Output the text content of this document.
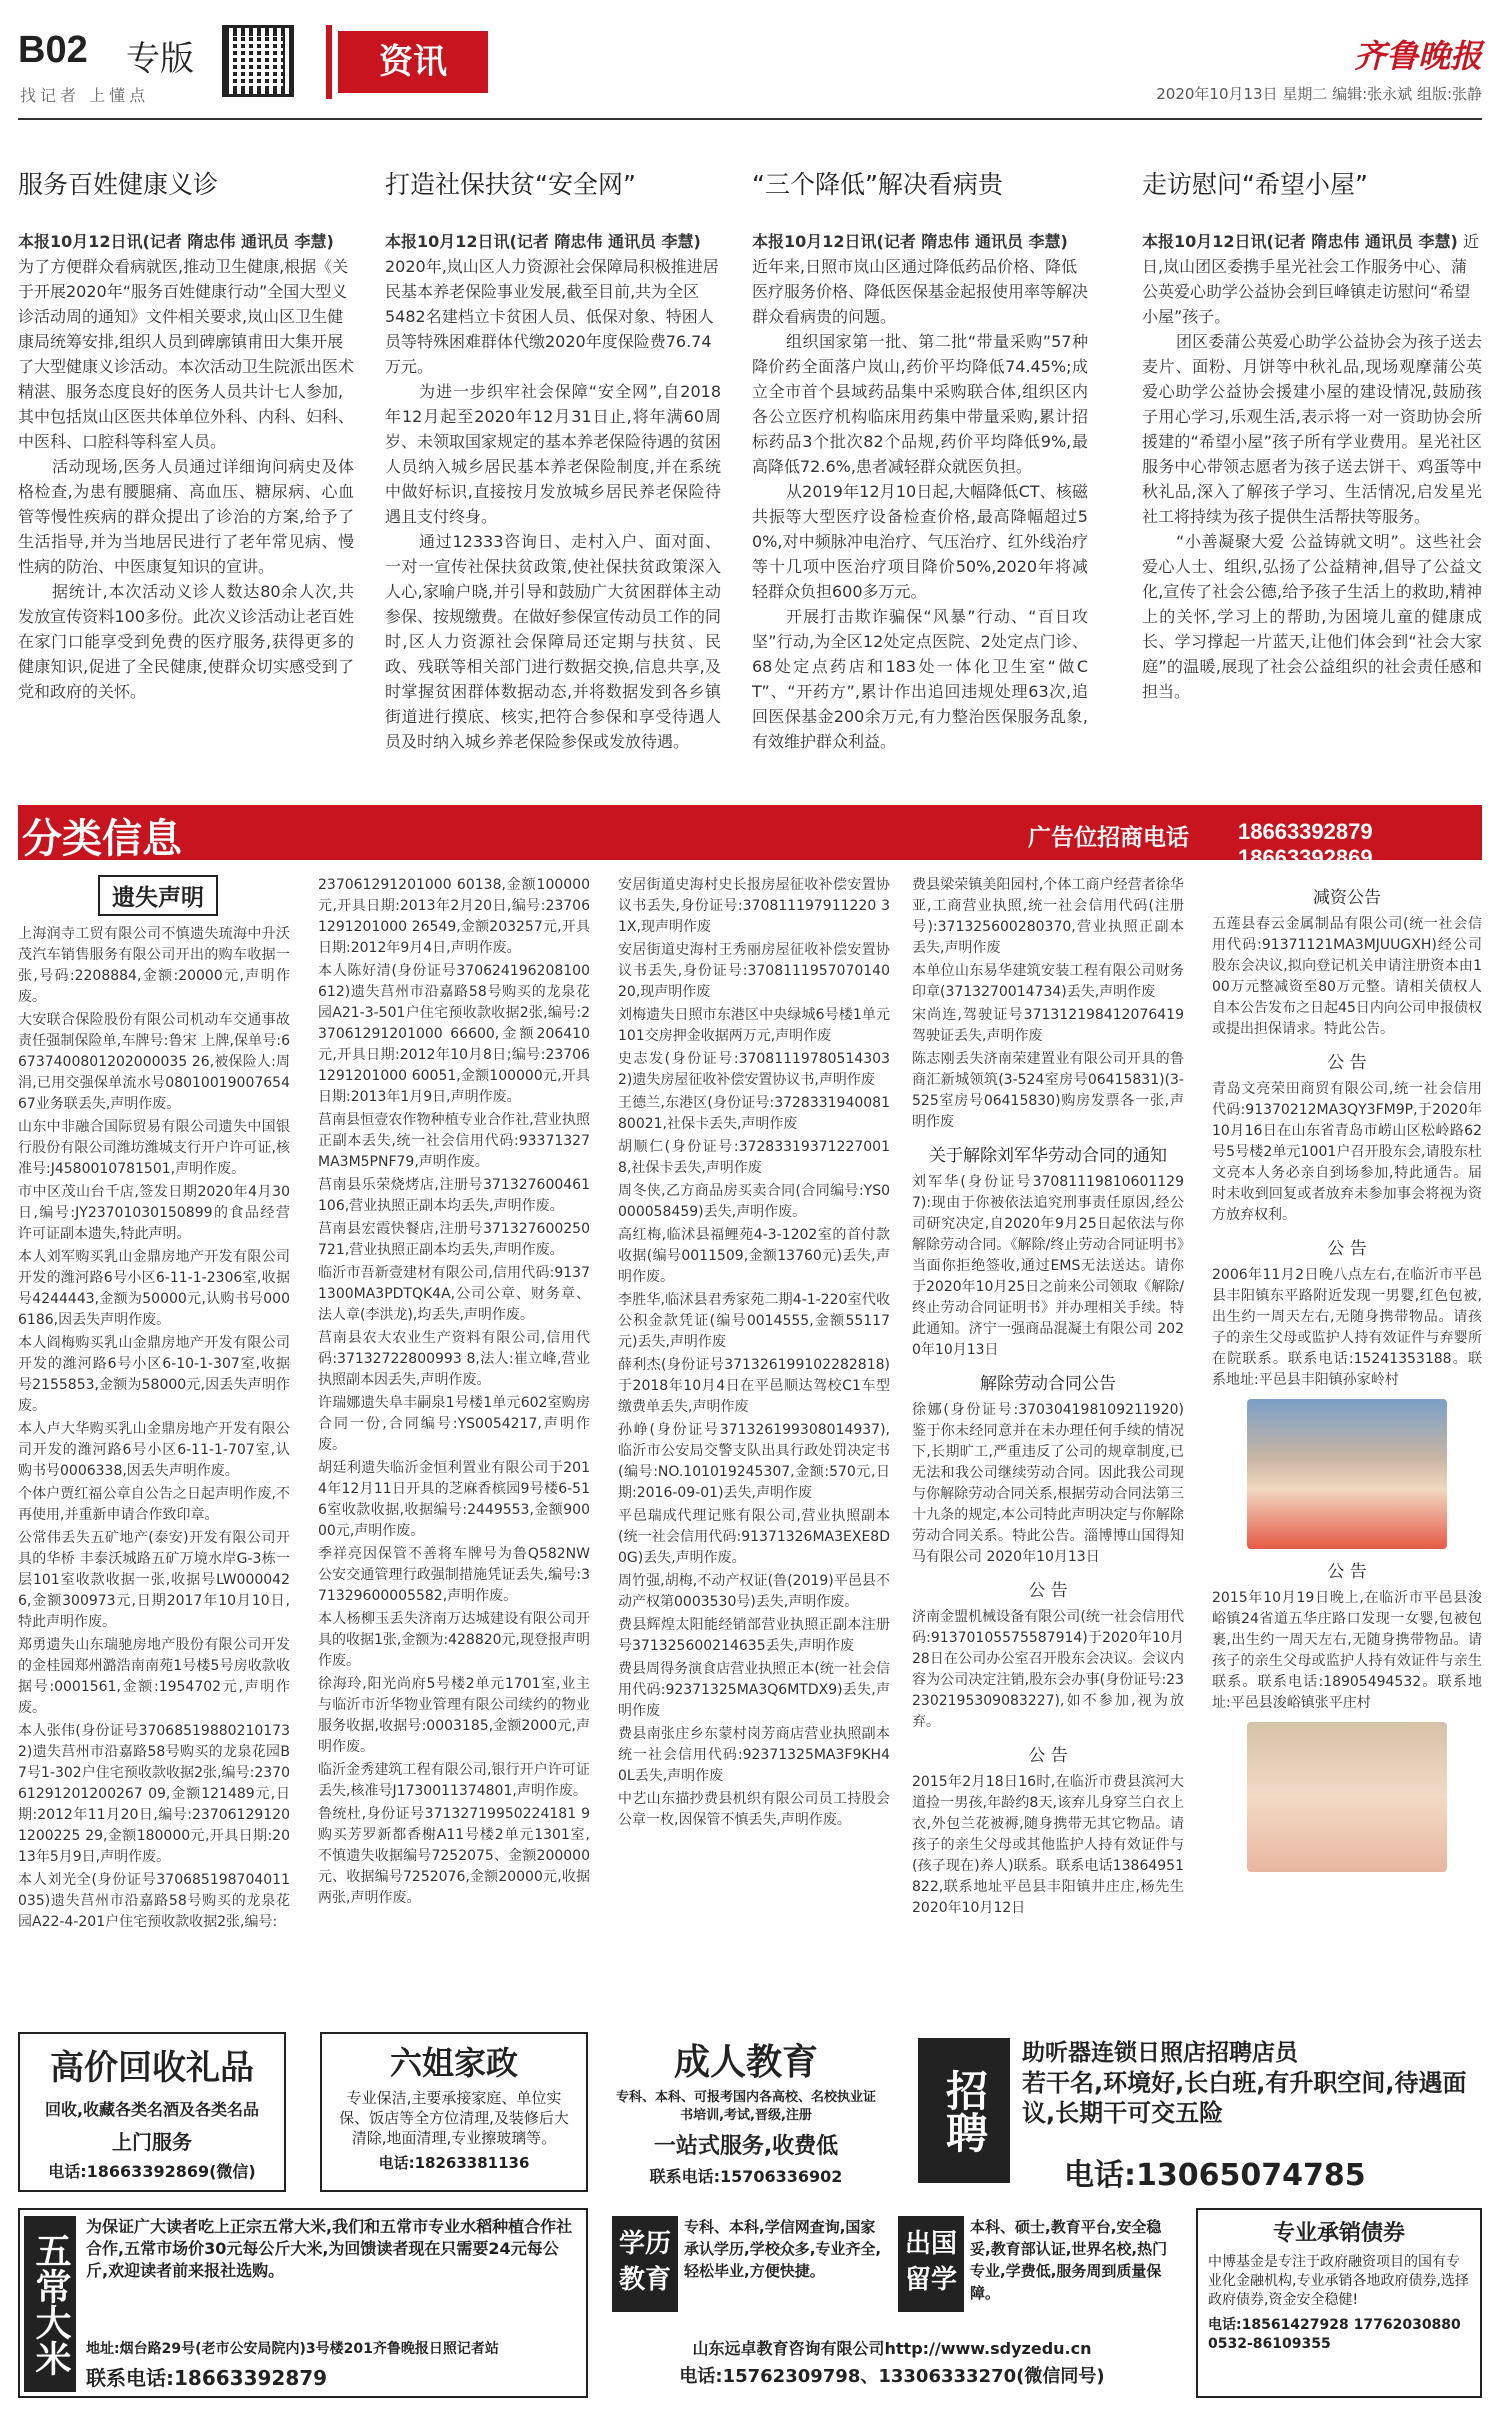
B02 专版
找记者 上懂点
资讯	齐鲁晚报
2020年10月13日 星期二 编辑:张永斌 组版:张静
服务百姓健康义诊
本报10月12日讯(记者 隋忠伟 通讯员 李慧) 为了方便群众看病就医,推动卫生健康,根据《关于开展2020年“服务百姓健康行动”全国大型义诊活动周的通知》文件相关要求,岚山区卫生健康局统筹安排,组织人员到碑廓镇甫田大集开展了大型健康义诊活动。本次活动卫生院派出医术精湛、服务态度良好的医务人员共计七人参加,其中包括岚山区医共体单位外科、内科、妇科、中医科、口腔科等科室人员。

活动现场,医务人员通过详细询问病史及体格检查,为患有腰腿痛、高血压、糖尿病、心血管等慢性疾病的群众提出了诊治的方案,给予了生活指导,并为当地居民进行了老年常见病、慢性病的防治、中医康复知识的宣讲。

据统计,本次活动义诊人数达80余人次,共发放宣传资料100多份。此次义诊活动让老百姓在家门口能享受到免费的医疗服务,获得更多的健康知识,促进了全民健康,使群众切实感受到了党和政府的关怀。

打造社保扶贫“安全网”
本报10月12日讯(记者 隋忠伟 通讯员 李慧) 2020年,岚山区人力资源社会保障局积极推进居民基本养老保险事业发展,截至目前,共为全区5482名建档立卡贫困人员、低保对象、特困人员等特殊困难群体代缴2020年度保险费76.74万元。

为进一步织牢社会保障“安全网”,自2018年12月起至2020年12月31日止,将年满60周岁、未领取国家规定的基本养老保险待遇的贫困人员纳入城乡居民基本养老保险制度,并在系统中做好标识,直接按月发放城乡居民养老保险待遇且支付终身。

通过12333咨询日、走村入户、面对面、一对一宣传社保扶贫政策,使社保扶贫政策深入人心,家喻户晓,并引导和鼓励广大贫困群体主动参保、按规缴费。在做好参保宣传动员工作的同时,区人力资源社会保障局还定期与扶贫、民政、残联等相关部门进行数据交换,信息共享,及时掌握贫困群体数据动态,并将数据发到各乡镇街道进行摸底、核实,把符合参保和享受待遇人员及时纳入城乡养老保险参保或发放待遇。

“三个降低”解决看病贵
本报10月12日讯(记者 隋忠伟 通讯员 李慧) 近年来,日照市岚山区通过降低药品价格、降低医疗服务价格、降低医保基金起报使用率等解决群众看病贵的问题。

组织国家第一批、第二批“带量采购”57种降价药全面落户岚山,药价平均降低74.45%;成立全市首个县域药品集中采购联合体,组织区内各公立医疗机构临床用药集中带量采购,累计招标药品3个批次82个品规,药价平均降低9%,最高降低72.6%,患者减轻群众就医负担。

从2019年12月10日起,大幅降低CT、核磁共振等大型医疗设备检查价格,最高降幅超过50%,对中频脉冲电治疗、气压治疗、红外线治疗等十几项中医治疗项目降价50%,2020年将减轻群众负担600多万元。

开展打击欺诈骗保“风暴”行动、“百日攻坚”行动,为全区12处定点医院、2处定点门诊、68处定点药店和183处一体化卫生室“做CT”、“开药方”,累计作出追回违规处理63次,追回医保基金200余万元,有力整治医保服务乱象,有效维护群众利益。

走访慰问“希望小屋”
本报10月12日讯(记者 隋忠伟 通讯员 李慧) 近日,岚山团区委携手星光社会工作服务中心、蒲公英爱心助学公益协会到巨峰镇走访慰问“希望小屋”孩子。

团区委蒲公英爱心助学公益协会为孩子送去麦片、面粉、月饼等中秋礼品,现场观摩蒲公英爱心助学公益协会援建小屋的建设情况,鼓励孩子用心学习,乐观生活,表示将一对一资助协会所援建的“希望小屋”孩子所有学业费用。星光社区服务中心带领志愿者为孩子送去饼干、鸡蛋等中秋礼品,深入了解孩子学习、生活情况,启发星光社工将持续为孩子提供生活帮扶等服务。

“小善凝聚大爱 公益铸就文明”。这些社会爱心人士、组织,弘扬了公益精神,倡导了公益文化,宣传了社会公德,给予孩子生活上的救助,精神上的关怀,学习上的帮助,为困境儿童的健康成长、学习撑起一片蓝天,让他们体会到“社会大家庭”的温暖,展现了社会公益组织的社会责任感和担当。

分类信息	广告位招商电话 18663392879 18663392869
遗失声明

上海润寺工贸有限公司不慎遗失琉海中升沃茂汽车销售服务有限公司开出的购车收据一张,号码:2208884,金额:20000元,声明作废。

大安联合保险股份有限公司机动车交通事故责任强制保险单,车牌号:鲁宋 上牌,保单号:66737400801202000035 26,被保险人:周涓,已用交强保单流水号0801001900765467业务联丢失,声明作废。

山东中非融合国际贸易有限公司遗失中国银行股份有限公司潍坊潍城支行开户许可证,核准号:J4580010781501,声明作废。

市中区茂山台千店,签发日期2020年4月30日,编号:JY23701030150899的食品经营许可证副本遗失,特此声明。

本人刘军购买乳山金鼎房地产开发有限公司开发的潍河路6号小区6-11-1-2306室,收据号4244443,金额为50000元,认购书号0006186,因丢失声明作废。

本人阎梅购买乳山金鼎房地产开发有限公司开发的潍河路6号小区6-10-1-307室,收据号2155853,金额为58000元,因丢失声明作废。

本人卢大华购买乳山金鼎房地产开发有限公司开发的潍河路6号小区6-11-1-707室,认购书号0006338,因丢失声明作废。

个体户贾红福公章自公告之日起声明作废,不再使用,并重新申请合作致印章。

公常伟丢失五矿地产(泰安)开发有限公司开具的华桥 丰泰沃城路五矿万境水岸G-3栋一层101室收款收据一张,收据号LW0000426,金额300973元,日期2017年10月10日,特此声明作废。

郑勇遗失山东瑞驰房地产股份有限公司开发的金桂园郑州潞浩南南苑1号楼5号房收款收据号:0001561,金额:1954702元,声明作废。

本人张伟(身份证号370685198802101732)遗失莒州市沿嘉路58号购买的龙泉花园B7号1-302户住宅预收款收据2张,编号:237061291201200267 09,金额121489元,日期:2012年11月20日,编号:237061291201200225 29,金额180000元,开具日期:2013年5月9日,声明作废。

本人刘光全(身份证号370685198704011035)遗失莒州市沿嘉路58号购买的龙泉花园A22-4-201户住宅预收款收据2张,编号:

237061291201000 60138,金额100000元,开具日期:2013年2月20日,编号:237061291201000 26549,金额203257元,开具日期:2012年9月4日,声明作废。

本人陈好清(身份证号370624196208100612)遗失莒州市沿嘉路58号购买的龙泉花园A21-3-501户住宅预收款收据2张,编号:237061291201000 66600,金额206410元,开具日期:2012年10月8日;编号:237061291201000 60051,金额100000元,开具日期:2013年1月9日,声明作废。

莒南县恒壹农作物种植专业合作社,营业执照正副本丢失,统一社会信用代码:93371327MA3M5PNF79,声明作废。

莒南县乐荣烧烤店,注册号371327600461106,营业执照正副本均丢失,声明作废。

莒南县宏霞快餐店,注册号371327600250721,营业执照正副本均丢失,声明作废。

临沂市吾新壹建材有限公司,信用代码:91371300MA3PDTQK4A,公司公章、财务章、法人章(李洪龙),均丢失,声明作废。

莒南县农大农业生产资料有限公司,信用代码:37132722800993 8,法人:崔立峰,营业执照副本因丢失,声明作废。

许瑞娜遗失阜丰嗣泉1号楼1单元602室购房合同一份,合同编号:YS0054217,声明作废。

胡廷利遗失临沂金恒利置业有限公司于2014年12月11日开具的芝麻香槟园9号楼6-516室收款收据,收据编号:2449553,金额90000元,声明作废。

季祥亮因保管不善将车牌号为鲁Q582NW公安交通管理行政强制措施凭证丢失,编号:371329600005582,声明作废。

本人杨柳玉丢失济南万达城建设有限公司开具的收据1张,金额为:428820元,现登报声明作废。

徐海玲,阳光尚府5号楼2单元1701室,业主与临沂市沂华物业管理有限公司续约的物业服务收据,收据号:0003185,金额2000元,声明作废。

临沂金秀建筑工程有限公司,银行开户许可证丢失,核准号J1730011374801,声明作废。

鲁统杜,身份证号37132719950224181 9购买芳罗新都香榭A11号楼2单元1301室,不慎遗失收据编号7252075、金额200000元、收据编号7252076,金额20000元,收据两张,声明作废。

安居街道史海村史长报房屋征收补偿安置协议书丢失,身份证号:370811197911220 31X,现声明作废

安居街道史海村王秀丽房屋征收补偿安置协议书丢失,身份证号:370811195707014020,现声明作废

刘梅遗失日照市东港区中央绿城6号楼1单元101交房押金收据两万元,声明作废

史志发(身份证号:370811197805143032)遗失房屋征收补偿安置协议书,声明作废

王德兰,东港区(身份证号:372833194008180021,社保卡丢失,声明作废

胡顺仁(身份证号:372833193712270018,社保卡丢失,声明作废

周冬侠,乙方商品房买卖合同(合同编号:YS0000058459)丢失,声明作废。

高红梅,临沭县福鲤苑4-3-1202室的首付款收据(编号0011509,金额13760元)丢失,声明作废。

李胜华,临沭县君秀家苑二期4-1-220室代收公积金款凭证(编号0014555,金额55117元)丢失,声明作废

薛利杰(身份证号371326199102282818)于2018年10月4日在平邑顺达驾校C1车型缴费单丢失,声明作废

孙峥(身份证号371326199308014937),临沂市公安局交警支队出具行政处罚决定书(编号:NO.101019245307,金额:570元,日期:2016-09-01)丢失,声明作废

平邑瑞成代理记账有限公司,营业执照副本(统一社会信用代码:91371326MA3EXE8D0G)丢失,声明作废。

周竹强,胡梅,不动产权证(鲁(2019)平邑县不动产权第0003530号)丢失,声明作废。

费县辉煌太阳能经销部营业执照正副本注册号371325600214635丢失,声明作废

费县周得务演食店营业执照正本(统一社会信用代码:92371325MA3Q6MTDX9)丢失,声明作废

费县南张庄乡东蒙村岗芳商店营业执照副本统一社会信用代码:92371325MA3F9KH40L丢失,声明作废

中艺山东描抄费县机织有限公司员工持股会公章一枚,因保管不慎丢失,声明作废。

费县梁荣镇美阳园村,个体工商户经营者徐华亚,工商营业执照,统一社会信用代码(注册号):371325600280370,营业执照正副本丢失,声明作废

本单位山东易华建筑安装工程有限公司财务印章(3713270014734)丢失,声明作废

宋尚连,驾驶证号371312198412076419驾驶证丢失,声明作废

陈志刚丢失济南荣建置业有限公司开具的鲁商汇新城领筑(3-524室房号06415831)(3-525室房号06415830)购房发票各一张,声明作废

关于解除刘军华劳动合同的通知

刘军华(身份证号370811198106011297):现由于你被依法追究刑事责任原因,经公司研究决定,自2020年9月25日起依法与你解除劳动合同。《解除/终止劳动合同证明书》当面你拒绝签收,通过EMS无法送达。请你于2020年10月25日之前来公司领取《解除/终止劳动合同证明书》并办理相关手续。特此通知。济宁一强商品混凝土有限公司 2020年10月13日

解除劳动合同公告

徐娜(身份证号:370304198109211920)鉴于你未经同意并在未办理任何手续的情况下,长期旷工,严重违反了公司的规章制度,已无法和我公司继续劳动合同。因此我公司现与你解除劳动合同关系,根据劳动合同法第三十九条的规定,本公司特此声明决定与你解除劳动合同关系。特此公告。淄博博山国得知马有限公司 2020年10月13日

公 告

济南金盟机械设备有限公司(统一社会信用代码:91370105575587914)于2020年10月28日在公司办公室召开股东会决议。会议内容为公司决定注销,股东会办事(身份证号:232302195309083227),如不参加,视为放弃。

公 告

2015年2月18日16时,在临沂市费县滨河大道捡一男孩,年龄约8天,该弃儿身穿兰白衣上衣,外包兰花被褥,随身携带无其它物品。请孩子的亲生父母或其他监护人持有效证件与(孩子现在)养人)联系。联系电话13864951822,联系地址平邑县丰阳镇井庄庄,杨先生 2020年10月12日

减资公告

五莲县春云金属制品有限公司(统一社会信用代码:91371121MA3MJUUGXH)经公司股东会决议,拟向登记机关申请注册资本由100万元整减资至80万元整。请相关债权人自本公告发布之日起45日内向公司申报债权或提出担保请求。特此公告。

公 告

青岛文亮荣田商贸有限公司,统一社会信用代码:91370212MA3QY3FM9P,于2020年10月16日在山东省青岛市崂山区松岭路62号5号楼2单元1001户召开股东会,请股东杜文亮本人务必亲自到场参加,特此通告。届时未收到回复或者放弃未参加事会将视为资方放弃权利。

公 告

2006年11月2日晚八点左右,在临沂市平邑县丰阳镇东平路附近发现一男婴,红色包被,出生约一周天左右,无随身携带物品。请孩子的亲生父母或监护人持有效证件与弃婴所在院联系。联系电话:15241353188。联系地址:平邑县丰阳镇孙家岭村

公 告

2015年10月19日晚上,在临沂市平邑县浚峪镇24省道五华庄路口发现一女婴,包被包裹,出生约一周天左右,无随身携带物品。请孩子的亲生父母或监护人持有效证件与亲生联系。联系电话:18905494532。联系地址:平邑县浚峪镇张平庄村

高价回收礼品
回收,收藏各类名酒及各类名品
上门服务
电话:18663392869(微信)
六姐家政
专业保洁,主要承接家庭、单位实保、饭店等全方位清理,及装修后大清除,地面清理,专业擦玻璃等。
电话:18263381136
成人教育
专科、本科、可报考国内各高校、名校执业证书培训,考试,晋级,注册
一站式服务,收费低
联系电话:15706336902
招聘
助听器连锁日照店招聘店员
若干名,环境好,长白班,有升职空间,待遇面议,长期干可交五险
电话:13065074785
五常大米
为保证广大读者吃上正宗五常大米,我们和五常市专业水稻种植合作社合作,五常市场价30元每公斤大米,为回馈读者现在只需要24元每公斤,欢迎读者前来报社选购。
地址:烟台路29号(老市公安局院内)3号楼201齐鲁晚报日照记者站
联系电话:18663392879
学历教育
专科、本科,学信网查询,国家承认学历,学校众多,专业齐全,轻松毕业,方便快捷。
出国留学
本科、硕士,教育平台,安全稳妥,教育部认证,世界名校,热门专业,学费低,服务周到质量保障。
山东远卓教育咨询有限公司http://www.sdyzedu.cn
电话:15762309798、13306333270(微信同号)
专业承销债券
中博基金是专注于政府融资项目的国有专业化金融机构,专业承销各地政府债券,选择政府债券,资金安全稳健!
电话:18561427928 17762030880 0532-86109355
